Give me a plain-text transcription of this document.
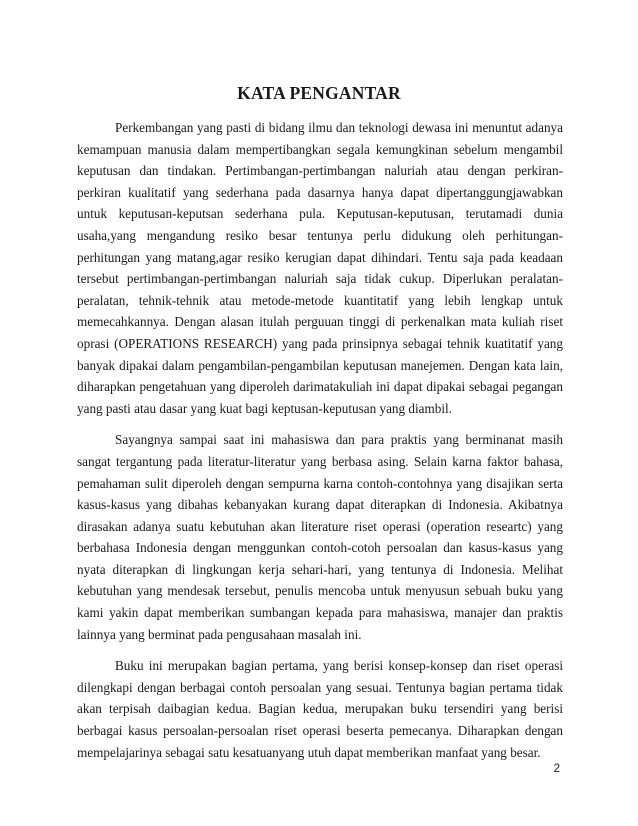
KATA PENGANTAR

Perkembangan yang pasti di bidang ilmu dan teknologi dewasa ini menuntut adanya kemampuan manusia dalam mempertibangkan segala kemungkinan sebelum mengambil keputusan dan tindakan. Pertimbangan-pertimbangan naluriah atau dengan perkiran-perkiran kualitatif yang sederhana pada dasarnya hanya dapat dipertanggungjawabkan untuk keputusan-keputsan sederhana pula. Keputusan-keputusan, terutamadi dunia usaha,yang mengandung resiko besar tentunya perlu didukung oleh perhitungan-perhitungan yang matang,agar resiko kerugian dapat dihindari. Tentu saja pada keadaan tersebut pertimbangan-pertimbangan naluriah saja tidak cukup. Diperlukan peralatan-peralatan, tehnik-tehnik atau metode-metode kuantitatif yang lebih lengkap untuk memecahkannya. Dengan alasan itulah perguuan tinggi di perkenalkan mata kuliah riset oprasi (OPERATIONS RESEARCH) yang pada prinsipnya sebagai tehnik kuatitatif yang banyak dipakai dalam pengambilan-pengambilan keputusan manejemen. Dengan kata lain, diharapkan pengetahuan yang diperoleh darimatakuliah ini dapat dipakai sebagai pegangan yang pasti atau dasar yang kuat bagi keptusan-keputusan yang diambil.

Sayangnya sampai saat ini mahasiswa dan para praktis yang berminanat masih sangat tergantung pada literatur-literatur yang berbasa asing. Selain karna faktor bahasa, pemahaman sulit diperoleh dengan sempurna karna contoh-contohnya yang disajikan serta kasus-kasus yang dibahas kebanyakan kurang dapat diterapkan di Indonesia. Akibatnya dirasakan adanya suatu kebutuhan akan literature riset operasi (operation researtc) yang berbahasa Indonesia dengan menggunkan contoh-cotoh persoalan dan kasus-kasus yang nyata diterapkan di lingkungan kerja sehari-hari, yang tentunya di Indonesia. Melihat kebutuhan yang mendesak tersebut, penulis mencoba untuk menyusun sebuah buku yang kami yakin dapat memberikan sumbangan kepada para mahasiswa, manajer dan praktis lainnya yang berminat pada pengusahaan masalah ini.

Buku ini merupakan bagian pertama, yang berisi konsep-konsep dan riset operasi dilengkapi dengan berbagai contoh persoalan yang sesuai. Tentunya bagian pertama tidak akan terpisah daibagian kedua. Bagian kedua, merupakan buku tersendiri yang berisi berbagai kasus persoalan-persoalan riset operasi beserta pemecanya. Diharapkan dengan mempelajarinya sebagai satu kesatuanyang utuh dapat memberikan manfaat yang besar.

2
